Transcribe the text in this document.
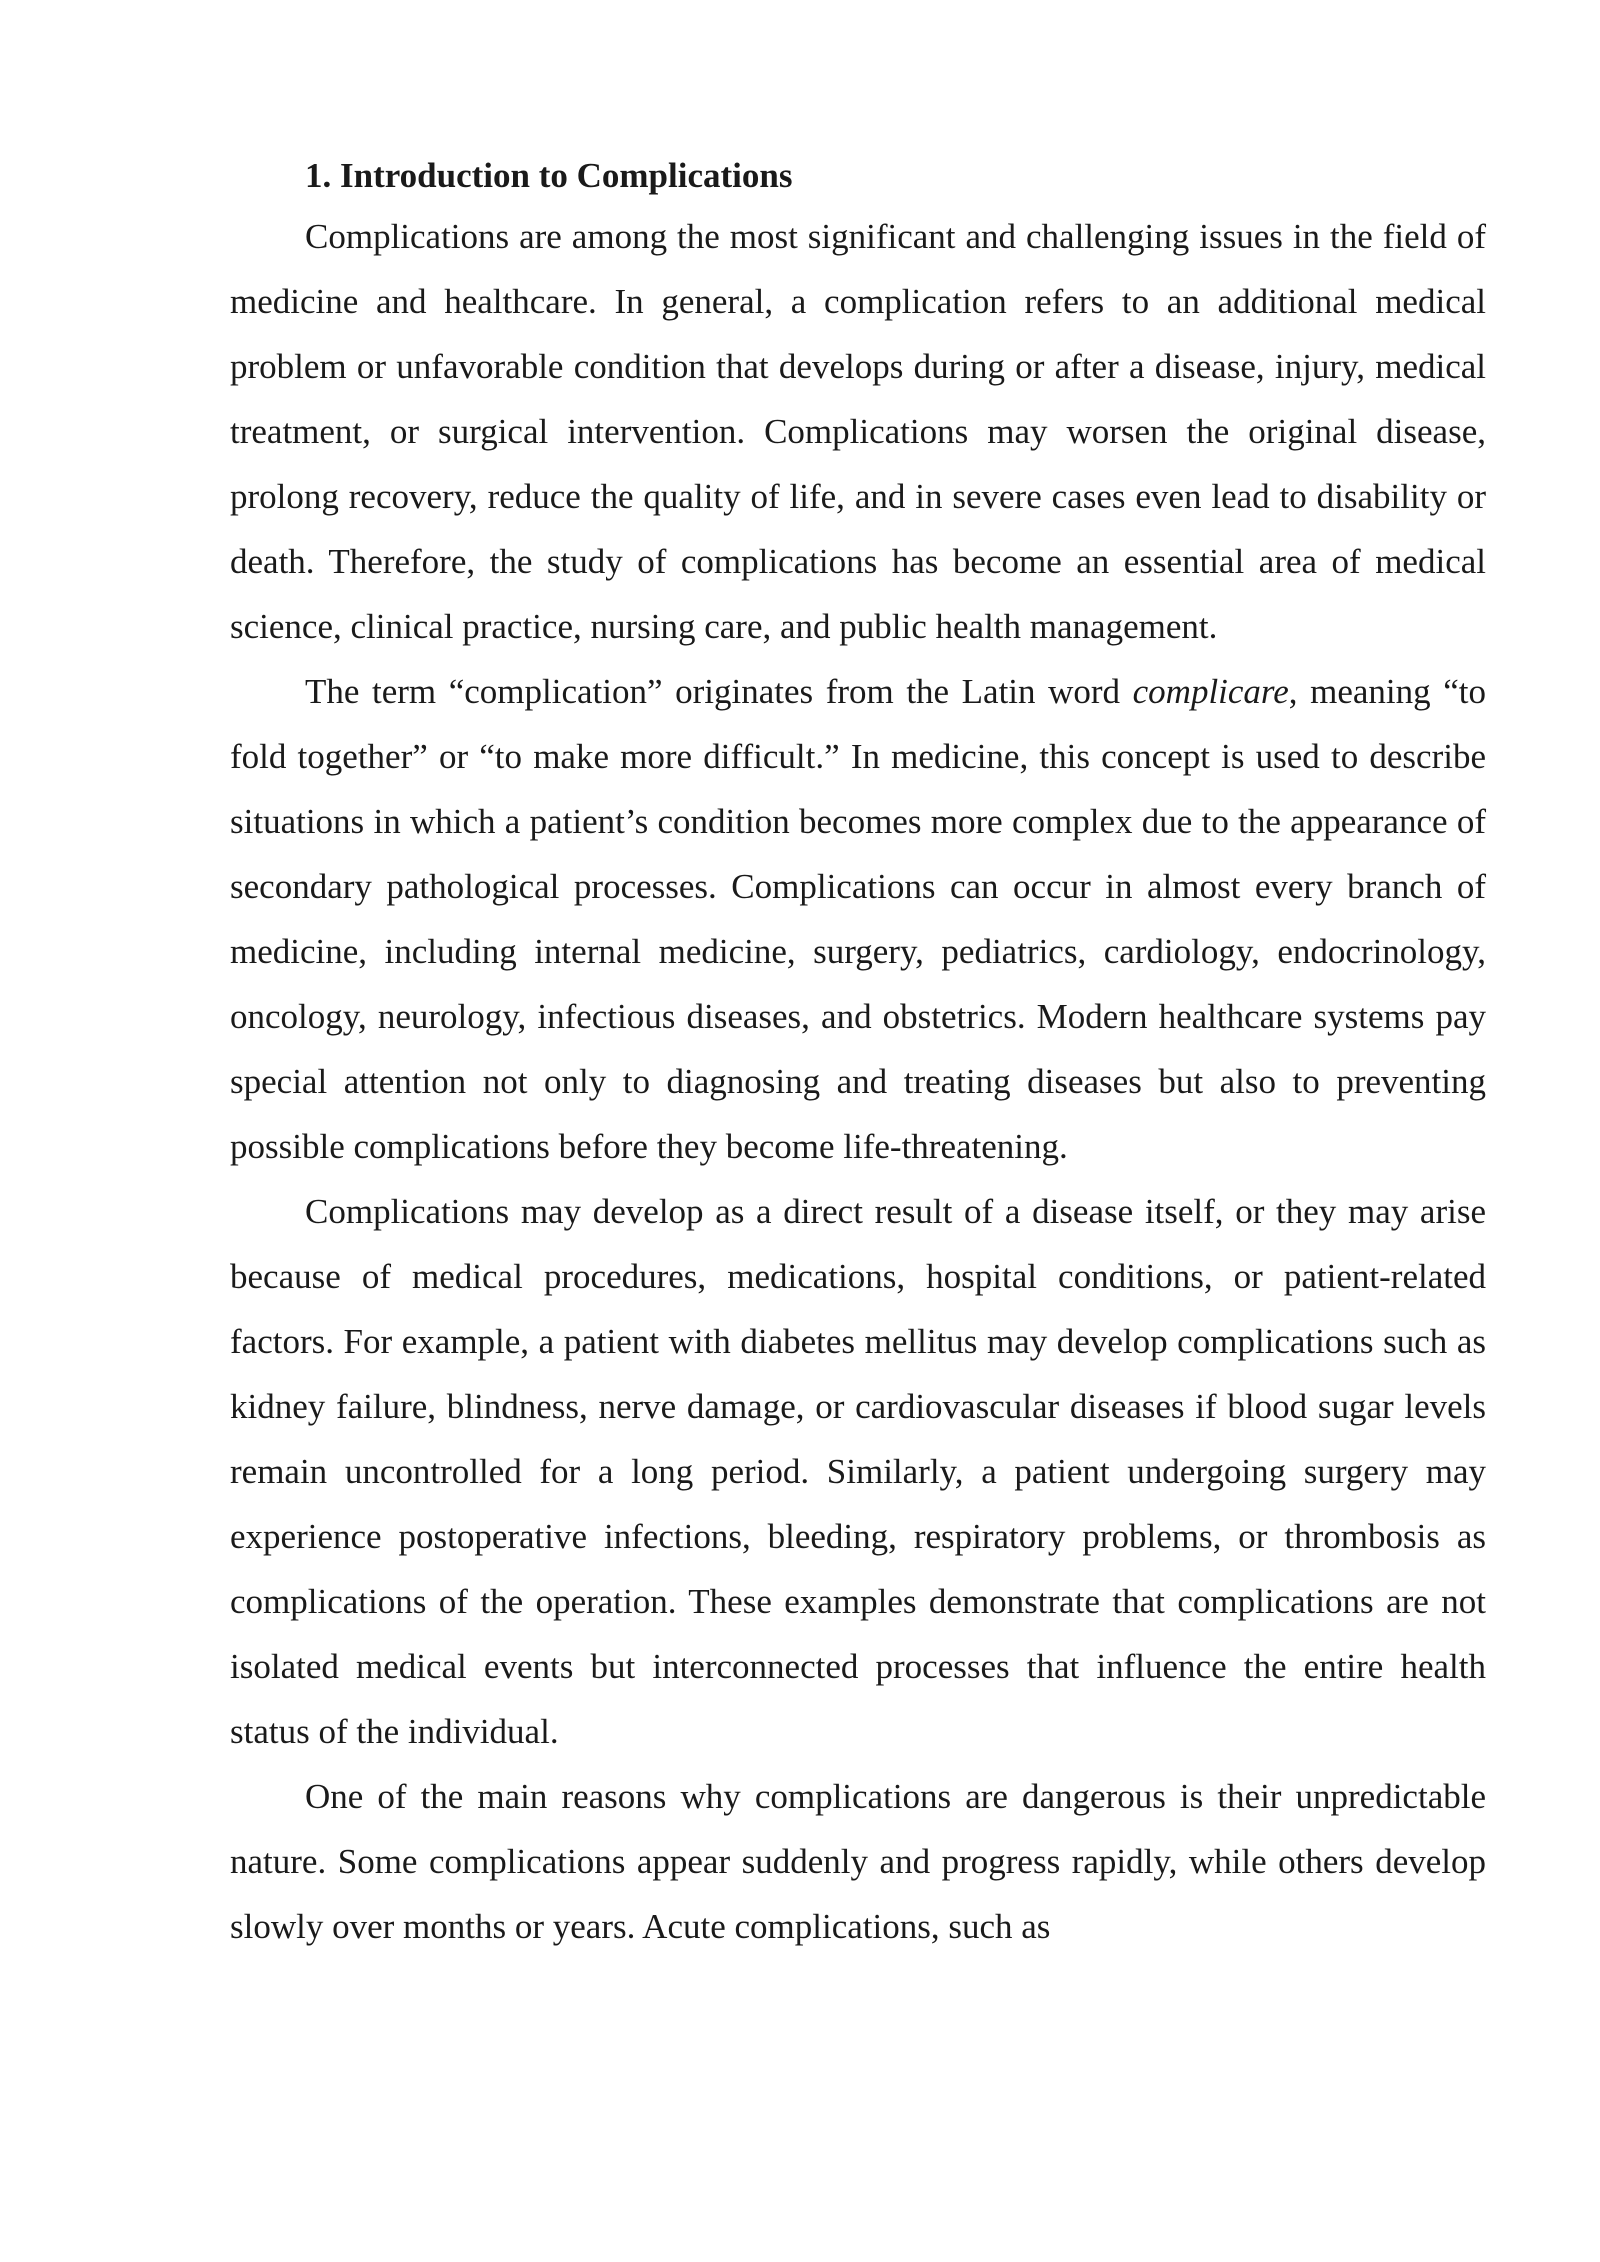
1. Introduction to Complications

Complications are among the most significant and challenging issues in the field of medicine and healthcare. In general, a complication refers to an additional medical problem or unfavorable condition that develops during or after a disease, injury, medical treatment, or surgical intervention. Complications may worsen the original disease, prolong recovery, reduce the quality of life, and in severe cases even lead to disability or death. Therefore, the study of complications has become an essential area of medical science, clinical practice, nursing care, and public health management.

The term “complication” originates from the Latin word complicare, meaning “to fold together” or “to make more difficult.” In medicine, this concept is used to describe situations in which a patient’s condition becomes more complex due to the appearance of secondary pathological processes. Complications can occur in almost every branch of medicine, including internal medicine, surgery, pediatrics, cardiology, endocrinology, oncology, neurology, infectious diseases, and obstetrics. Modern healthcare systems pay special attention not only to diagnosing and treating diseases but also to preventing possible complications before they become life-threatening.

Complications may develop as a direct result of a disease itself, or they may arise because of medical procedures, medications, hospital conditions, or patient-related factors. For example, a patient with diabetes mellitus may develop complications such as kidney failure, blindness, nerve damage, or cardiovascular diseases if blood sugar levels remain uncontrolled for a long period. Similarly, a patient undergoing surgery may experience postoperative infections, bleeding, respiratory problems, or thrombosis as complications of the operation. These examples demonstrate that complications are not isolated medical events but interconnected processes that influence the entire health status of the individual.

One of the main reasons why complications are dangerous is their unpredictable nature. Some complications appear suddenly and progress rapidly, while others develop slowly over months or years. Acute complications, such as
